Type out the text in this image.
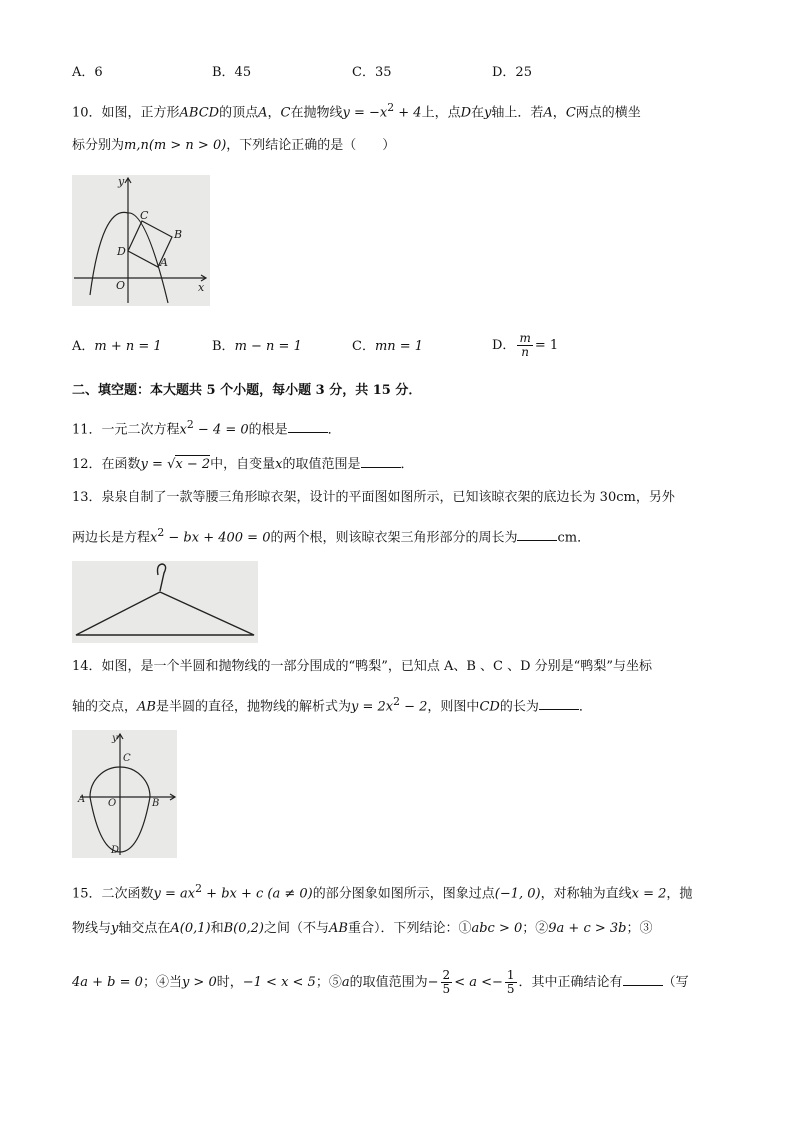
A．6	B．45	C．35	D．25
10．如图，正方形ABCD的顶点A，C在抛物线$y = -x^2 + 4$上，点D在y轴上．若A，C两点的横坐
标分别为m,n(m > n > 0)，下列结论正确的是（　　）
y
x
O
C
B
D
A
A．m + n = 1	B．m − n = 1	C．mn = 1	D． $\frac{m}{n} = 1$
二、填空题：本大题共 5 个小题，每小题 3 分，共 15 分．
11．一元二次方程$x^2 - 4 = 0$的根是	．
12．在函数y = √x − 2中，自变量x的取值范围是	．
13．泉泉自制了一款等腰三角形晾衣架，设计的平面图如图所示，已知该晾衣架的底边长为 30cm，另外
两边长是方程$x^2$ − bx + 400 = 0的两个根，则该晾衣架三角形部分的周长为	cm．
14．如图，是一个半圆和抛物线的一部分围成的“鸭梨”，已知点 A、B 、C 、D 分别是“鸭梨”与坐标
轴的交点，AB是半圆的直径，抛物线的解析式为$y = 2x^2 - 2$，则图中CD的长为	．
y
C
A O	B
D
15．二次函数$y = ax^2$ + bx + c (a ≠ 0)的部分图象如图所示，图象过点(−1, 0)，对称轴为直线x = 2，抛
物线与y轴交点在A(0,1)和B(0,2)之间（不与AB重合）．下列结论：①abc > 0；②9a + c > 3b；③
4a + b = 0；④当y > 0时，−1 < x < 5；⑤a的取值范围为− $\frac{2}{5} < a <- \frac{1}{5}$ ．其中正确结论有	（写
